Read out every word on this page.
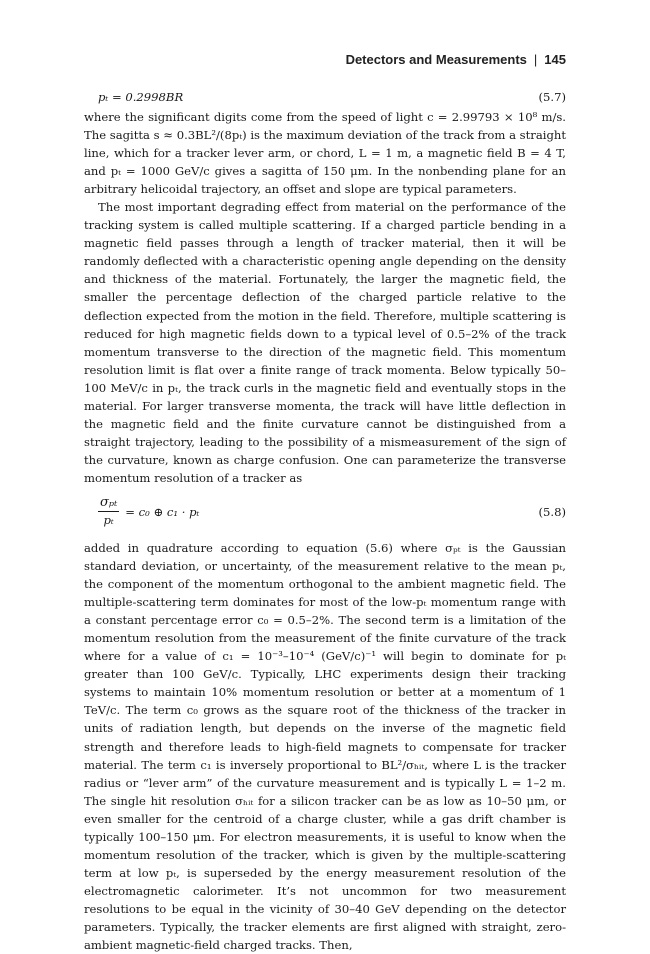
Detectors and Measurements | 145
pₜ = 0.2998BR	(5.7)

where the significant digits come from the speed of light c = 2.99793 × 10⁸ m/s. The sagitta s ≈ 0.3BL²/(8pₜ) is the maximum deviation of the track from a straight line, which for a tracker lever arm, or chord, L = 1 m, a magnetic field B = 4 T, and pₜ = 1000 GeV/c gives a sagitta of 150 μm. In the nonbending plane for an arbitrary helicoidal trajectory, an offset and slope are typical parameters.

The most important degrading effect from material on the performance of the tracking system is called multiple scattering. If a charged particle bending in a magnetic field passes through a length of tracker material, then it will be randomly deflected with a characteristic opening angle depending on the density and thickness of the material. Fortunately, the larger the magnetic field, the smaller the percentage deflection of the charged particle relative to the deflection expected from the motion in the field. Therefore, multiple scattering is reduced for high magnetic fields down to a typical level of 0.5–2% of the track momentum transverse to the direction of the magnetic field. This momentum resolution limit is flat over a finite range of track momenta. Below typically 50–100 MeV/c in pₜ, the track curls in the magnetic field and eventually stops in the material. For larger transverse momenta, the track will have little deflection in the magnetic field and the finite curvature cannot be distinguished from a straight trajectory, leading to the possibility of a mismeasurement of the sign of the curvature, known as charge confusion. One can parameterize the transverse momentum resolution of a tracker as

$\frac{\text{σₚₜ}}{\text{pₜ}} = c_0$ ⊕ c₁ · pₜ	(5.8)

added in quadrature according to equation (5.6) where σₚₜ is the Gaussian standard deviation, or uncertainty, of the measurement relative to the mean pₜ, the component of the momentum orthogonal to the ambient magnetic field. The multiple-scattering term dominates for most of the low-pₜ momentum range with a constant percentage error c₀ = 0.5–2%. The second term is a limitation of the momentum resolution from the measurement of the finite curvature of the track where for a value of c₁ = 10⁻³–10⁻⁴ (GeV/c)⁻¹ will begin to dominate for pₜ greater than 100 GeV/c. Typically, LHC experiments design their tracking systems to maintain 10% momentum resolution or better at a momentum of 1 TeV/c. The term c₀ grows as the square root of the thickness of the tracker in units of radiation length, but depends on the inverse of the magnetic field strength and therefore leads to high-field magnets to compensate for tracker material. The term c₁ is inversely proportional to BL²/σₕᵢₜ, where L is the tracker radius or “lever arm” of the curvature measurement and is typically L = 1–2 m. The single hit resolution σₕᵢₜ for a silicon tracker can be as low as 10–50 μm, or even smaller for the centroid of a charge cluster, while a gas drift chamber is typically 100–150 μm. For electron measurements, it is useful to know when the momentum resolution of the tracker, which is given by the multiple-scattering term at low pₜ, is superseded by the energy measurement resolution of the electromagnetic calorimeter. It’s not uncommon for two measurement resolutions to be equal in the vicinity of 30–40 GeV depending on the detector parameters. Typically, the tracker elements are first aligned with straight, zero-ambient magnetic-field charged tracks. Then,
